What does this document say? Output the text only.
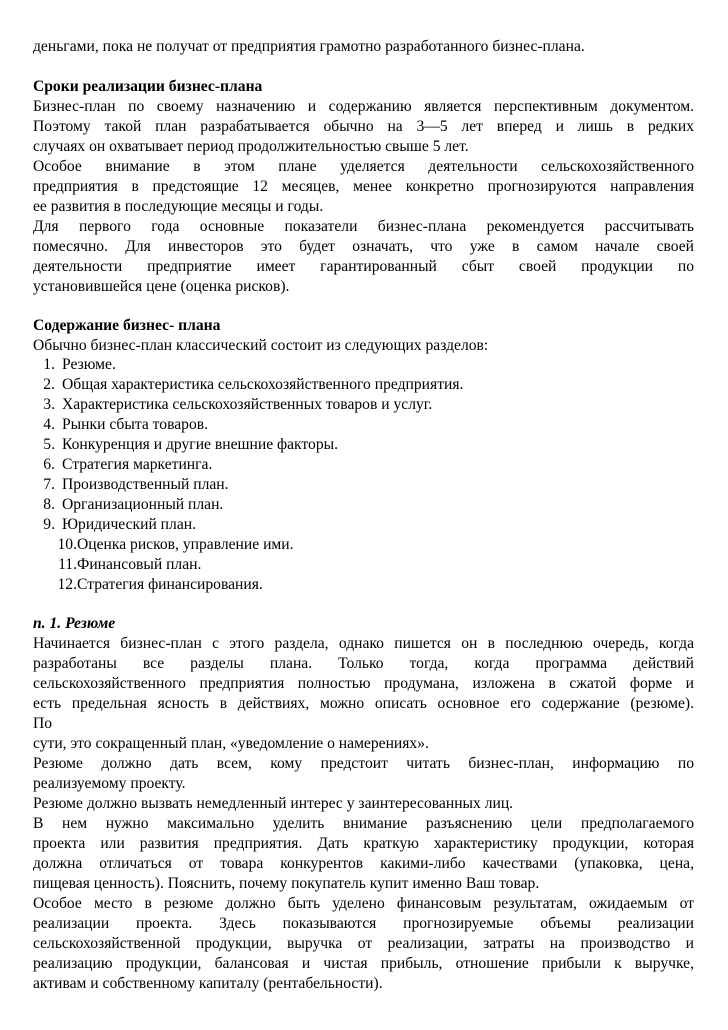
деньгами, пока не получат от предприятия грамотно разработанного бизнес-плана.
Сроки реализации бизнес-плана
Бизнес-план по своему назначению и содержанию является перспективным документом.
Поэтому такой план разрабатывается обычно на 3—5 лет вперед и лишь в редких
случаях он охватывает период продолжительностью свыше 5 лет.
Особое внимание в этом плане уделяется деятельности сельскохозяйственного
предприятия в предстоящие 12 месяцев, менее конкретно прогнозируются направления
ее развития в последующие месяцы и годы.
Для первого года основные показатели бизнес-плана рекомендуется рассчитывать
помесячно. Для инвесторов это будет означать, что уже в самом начале своей
деятельности предприятие имеет гарантированный сбыт своей продукции по
установившейся цене (оценка рисков).
Содержание бизнес- плана
Обычно бизнес-план классический состоит из следующих разделов:
1. Резюме.
2. Общая характеристика сельскохозяйственного предприятия.
3. Характеристика сельскохозяйственных товаров и услуг.
4. Рынки сбыта товаров.
5. Конкуренция и другие внешние факторы.
6. Стратегия маркетинга.
7. Производственный план.
8. Организационный план.
9. Юридический план.
10.Оценка рисков, управление ими.
11.Финансовый план.
12.Стратегия финансирования.
п. 1. Резюме
Начинается бизнес-план с этого раздела, однако пишется он в последнюю очередь, когда
разработаны все разделы плана. Только тогда, когда программа действий
сельскохозяйственного предприятия полностью продумана, изложена в сжатой форме и
есть предельная ясность в действиях, можно описать основное его содержание (резюме).
По
сути, это сокращенный план, «уведомление о намерениях».
Резюме должно дать всем, кому предстоит читать бизнес-план, информацию по
реализуемому проекту.
Резюме должно вызвать немедленный интерес у заинтересованных лиц.
В нем нужно максимально уделить внимание разъяснению цели предполагаемого
проекта или развития предприятия. Дать краткую характеристику продукции, которая
должна отличаться от товара конкурентов какими-либо качествами (упаковка, цена,
пищевая ценность). Пояснить, почему покупатель купит именно Ваш товар.
Особое место в резюме должно быть уделено финансовым результатам, ожидаемым от
реализации проекта. Здесь показываются прогнозируемые объемы реализации
сельскохозяйственной продукции, выручка от реализации, затраты на производство и
реализацию продукции, балансовая и чистая прибыль, отношение прибыли к выручке,
активам и собственному капиталу (рентабельности).
